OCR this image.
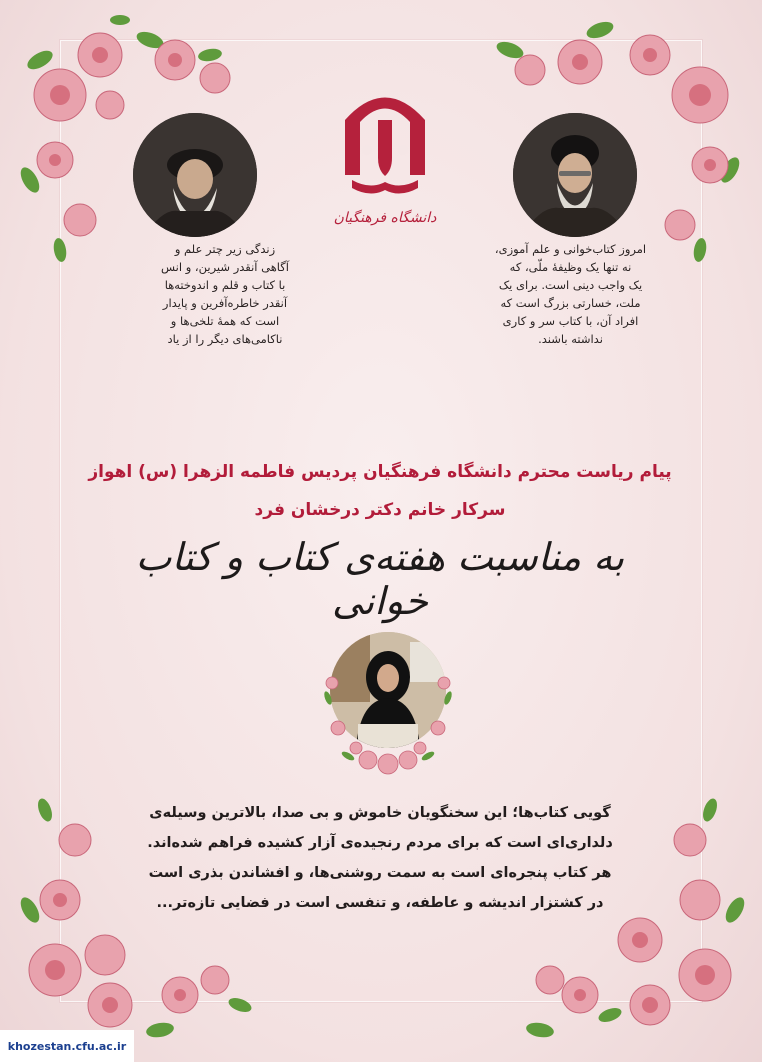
زندگی زیر چتر علم و
آگاهی آنقدر شیرین، و انس
با کتاب و قلم و اندوخته‌ها
آنقدر خاطره‌آفرین و پایدار
است که همهٔ تلخی‌ها و
ناکامی‌های دیگر را از یاد
امروز کتاب‌خوانی و علم آموزی،
نه تنها یک وظیفهٔ ملّی، که
یک واجب دینی است. برای یک
ملت، خسارتی بزرگ است که
افراد آن، با کتاب سر و کاری
نداشته باشند.
دانشگاه فرهنگیان
پیام ریاست محترم دانشگاه فرهنگیان پردیس فاطمه الزهرا (س) اهواز
سرکار خانم دکتر درخشان فرد
به مناسبت هفته‌ی کتاب و کتاب خوانی
گویی کتاب‌ها؛ این سخنگویان خاموش و بی صدا، بالاترین وسیله‌ی
دلداری‌ای است که برای مردم رنجیده‌ی آزار کشیده فراهم شده‌اند.
هر کتاب پنجره‌ای است به سمت روشنی‌ها، و افشاندن بذری است
در کشتزار اندیشه و عاطفه، و تنفسی است در فضایی تازه‌تر...
khozestan.cfu.ac.ir
